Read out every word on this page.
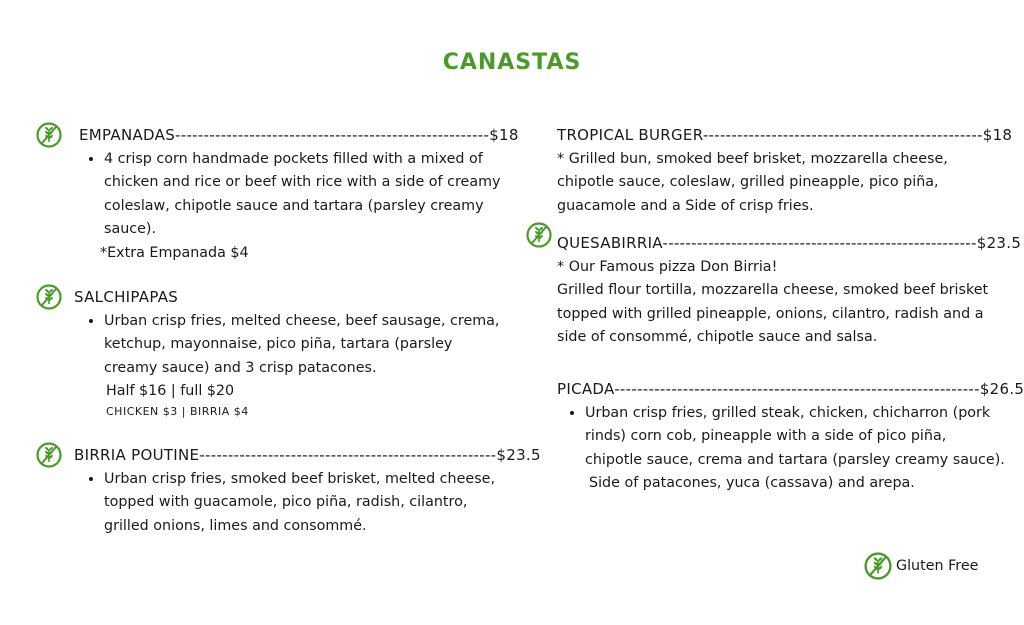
CANASTAS
EMPANADAS-------------------------------------------------------$18
• 4 crisp corn handmade pockets filled with a mixed of chicken and rice or beef with rice with a side of creamy coleslaw, chipotle sauce and tartara (parsley creamy sauce).
*Extra Empanada $4
SALCHIPAPAS
• Urban crisp fries, melted cheese, beef sausage, crema, ketchup, mayonnaise, pico piña, tartara (parsley creamy sauce) and 3 crisp patacones.
Half $16 | full $20
CHICKEN $3 | BIRRIA $4
BIRRIA POUTINE----------------------------------------------------$23.5
• Urban crisp fries, smoked beef brisket, melted cheese, topped with guacamole, pico piña, radish, cilantro, grilled onions, limes and consommé.
TROPICAL BURGER-------------------------------------------------$18
* Grilled bun, smoked beef brisket, mozzarella cheese, chipotle sauce, coleslaw, grilled pineapple, pico piña, guacamole and a Side of crisp fries.
QUESABIRRIA-------------------------------------------------------$23.5
* Our Famous pizza Don Birria!
Grilled flour tortilla, mozzarella cheese, smoked beef brisket topped with grilled pineapple, onions, cilantro, radish and a side of consommé, chipotle sauce and salsa.
PICADA----------------------------------------------------------------$26.5
• Urban crisp fries, grilled steak, chicken, chicharron (pork rinds) corn cob, pineapple with a side of pico piña, chipotle sauce, crema and tartara (parsley creamy sauce).
Side of patacones, yuca (cassava) and arepa.
Gluten Free
